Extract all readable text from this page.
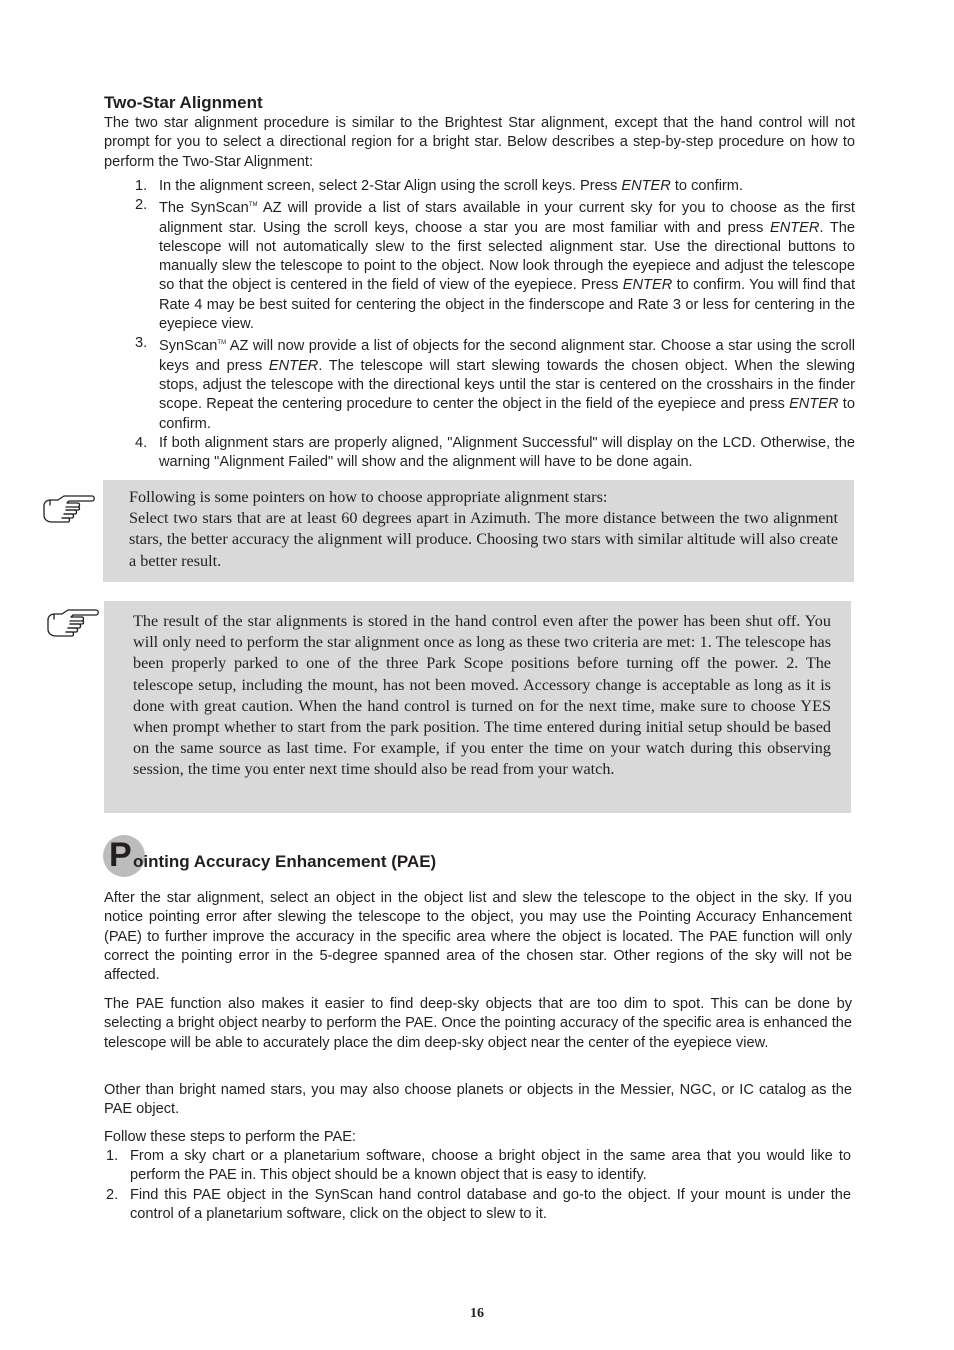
Two-Star Alignment
The two star alignment procedure is similar to the Brightest Star alignment, except that the hand control will not prompt for you to select a directional region for a bright star. Below describes a step-by-step procedure on how to perform the Two-Star Alignment:
1. In the alignment screen, select 2-Star Align using the scroll keys. Press ENTER to confirm.
2. The SynScan™ AZ will provide a list of stars available in your current sky for you to choose as the first alignment star. Using the scroll keys, choose a star you are most familiar with and press ENTER. The telescope will not automatically slew to the first selected alignment star. Use the directional buttons to manually slew the telescope to point to the object. Now look through the eyepiece and adjust the telescope so that the object is centered in the field of view of the eyepiece. Press ENTER to confirm. You will find that Rate 4 may be best suited for centering the object in the finderscope and Rate 3 or less for centering in the eyepiece view.
3. SynScan™ AZ will now provide a list of objects for the second alignment star. Choose a star using the scroll keys and press ENTER. The telescope will start slewing towards the chosen object. When the slewing stops, adjust the telescope with the directional keys until the star is centered on the crosshairs in the finder scope. Repeat the centering procedure to center the object in the field of the eyepiece and press ENTER to confirm.
4. If both alignment stars are properly aligned, "Alignment Successful" will display on the LCD. Otherwise, the warning "Alignment Failed" will show and the alignment will have to be done again.
Following is some pointers on how to choose appropriate alignment stars:
Select two stars that are at least 60 degrees apart in Azimuth. The more distance between the two alignment stars, the better accuracy the alignment will produce. Choosing two stars with similar altitude will also create a better result.
The result of the star alignments is stored in the hand control even after the power has been shut off. You will only need to perform the star alignment once as long as these two criteria are met: 1. The telescope has been properly parked to one of the three Park Scope positions before turning off the power. 2. The telescope setup, including the mount, has not been moved. Accessory change is acceptable as long as it is done with great caution. When the hand control is turned on for the next time, make sure to choose YES when prompt whether to start from the park position. The time entered during initial setup should be based on the same source as last time. For example, if you enter the time on your watch during this observing session, the time you enter next time should also be read from your watch.
P ointing Accuracy Enhancement (PAE)

After the star alignment, select an object in the object list and slew the telescope to the object in the sky. If you notice pointing error after slewing the telescope to the object, you may use the Pointing Accuracy Enhancement (PAE) to further improve the accuracy in the specific area where the object is located. The PAE function will only correct the pointing error in the 5-degree spanned area of the chosen star. Other regions of the sky will not be affected.

The PAE function also makes it easier to find deep-sky objects that are too dim to spot. This can be done by selecting a bright object nearby to perform the PAE. Once the pointing accuracy of the specific area is enhanced the telescope will be able to accurately place the dim deep-sky object near the center of the eyepiece view.

Other than bright named stars, you may also choose planets or objects in the Messier, NGC, or IC catalog as the PAE object.

Follow these steps to perform the PAE:

1. From a sky chart or a planetarium software, choose a bright object in the same area that you would like to perform the PAE in. This object should be a known object that is easy to identify.
2. Find this PAE object in the SynScan hand control database and go-to the object. If your mount is under the control of a planetarium software, click on the object to slew to it.
16
